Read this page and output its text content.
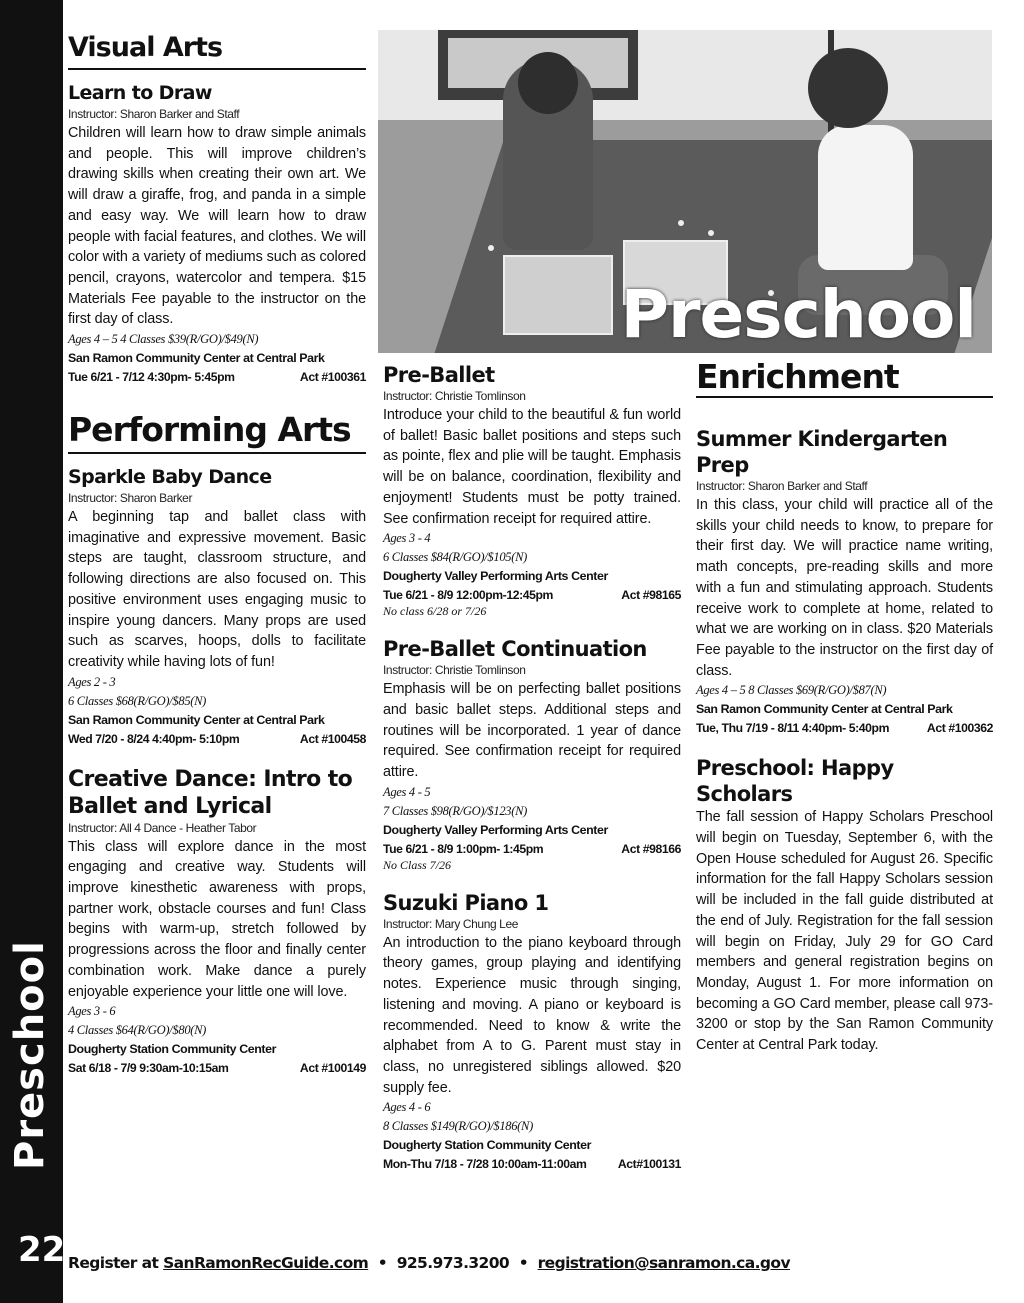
Preschool
22
Preschool
Visual Arts
Learn to Draw
Instructor: Sharon Barker and Staff
Children will learn how to draw simple animals and people. This will improve children’s drawing skills when creating their own art. We will draw a giraffe, frog, and panda in a simple and easy way. We will learn how to draw people with facial features, and clothes. We will color with a variety of mediums such as colored pencil, crayons, watercolor and tempera. $15 Materials Fee payable to the instructor on the first day of class.
Ages 4 – 5 4 Classes $39(R/GO)/$49(N)
San Ramon Community Center at Central Park
Tue 6/21 - 7/12 4:30pm- 5:45pm	Act #100361
Performing Arts
Sparkle Baby Dance
Instructor: Sharon Barker
A beginning tap and ballet class with imaginative and expressive movement. Basic steps are taught, classroom structure, and following directions are also focused on. This positive environment uses engaging music to inspire young dancers. Many props are used such as scarves, hoops, dolls to facilitate creativity while having lots of fun!
Ages 2 - 3
6 Classes $68(R/GO)/$85(N)
San Ramon Community Center at Central Park
Wed 7/20 - 8/24 4:40pm- 5:10pm	Act #100458
Creative Dance: Intro to Ballet and Lyrical
Instructor: All 4 Dance - Heather Tabor
This class will explore dance in the most engaging and creative way. Students will improve kinesthetic awareness with props, partner work, obstacle courses and fun! Class begins with warm-up, stretch followed by progressions across the floor and finally center combination work. Make dance a purely enjoyable experience your little one will love.
Ages 3 - 6
4 Classes $64(R/GO)/$80(N)
Dougherty Station Community Center
Sat 6/18 - 7/9 9:30am-10:15am	Act #100149
Pre-Ballet
Instructor: Christie Tomlinson
Introduce your child to the beautiful & fun world of ballet! Basic ballet positions and steps such as pointe, flex and plie will be taught. Emphasis will be on balance, coordination, flexibility and enjoyment! Students must be potty trained. See confirmation receipt for required attire.
Ages 3 - 4
6 Classes $84(R/GO)/$105(N)
Dougherty Valley Performing Arts Center
Tue 6/21 - 8/9 12:00pm-12:45pm	Act #98165
No class 6/28 or 7/26
Pre-Ballet Continuation
Instructor: Christie Tomlinson
Emphasis will be on perfecting ballet positions and basic ballet steps. Additional steps and routines will be incorporated. 1 year of dance required. See confirmation receipt for required attire.
Ages 4 - 5
7 Classes $98(R/GO)/$123(N)
Dougherty Valley Performing Arts Center
Tue 6/21 - 8/9 1:00pm- 1:45pm	Act #98166
No Class 7/26
Suzuki Piano 1
Instructor: Mary Chung Lee
An introduction to the piano keyboard through theory games, group playing and identifying notes. Experience music through singing, listening and moving. A piano or keyboard is recommended. Need to know & write the alphabet from A to G. Parent must stay in class, no unregistered siblings allowed. $20 supply fee.
Ages 4 - 6
8 Classes $149(R/GO)/$186(N)
Dougherty Station Community Center
Mon-Thu 7/18 - 7/28 10:00am-11:00am	Act#100131
Enrichment
Summer Kindergarten Prep
Instructor: Sharon Barker and Staff
In this class, your child will practice all of the skills your child needs to know, to prepare for their first day. We will practice name writing, math concepts, pre-reading skills and more with a fun and stimulating approach. Students receive work to complete at home, related to what we are working on in class. $20 Materials Fee payable to the instructor on the first day of class.
Ages 4 – 5 8 Classes $69(R/GO)/$87(N)
San Ramon Community Center at Central Park
Tue, Thu 7/19 - 8/11 4:40pm- 5:40pm	Act #100362
Preschool: Happy Scholars
The fall session of Happy Scholars Preschool will begin on Tuesday, September 6, with the Open House scheduled for August 26. Specific information for the fall Happy Scholars session will be included in the fall guide distributed at the end of July. Registration for the fall session will begin on Friday, July 29 for GO Card members and general registration begins on Monday, August 1. For more information on becoming a GO Card member, please call 973-3200 or stop by the San Ramon Community Center at Central Park today.
Register at SanRamonRecGuide.com  •  925.973.3200  •  registration@sanramon.ca.gov
